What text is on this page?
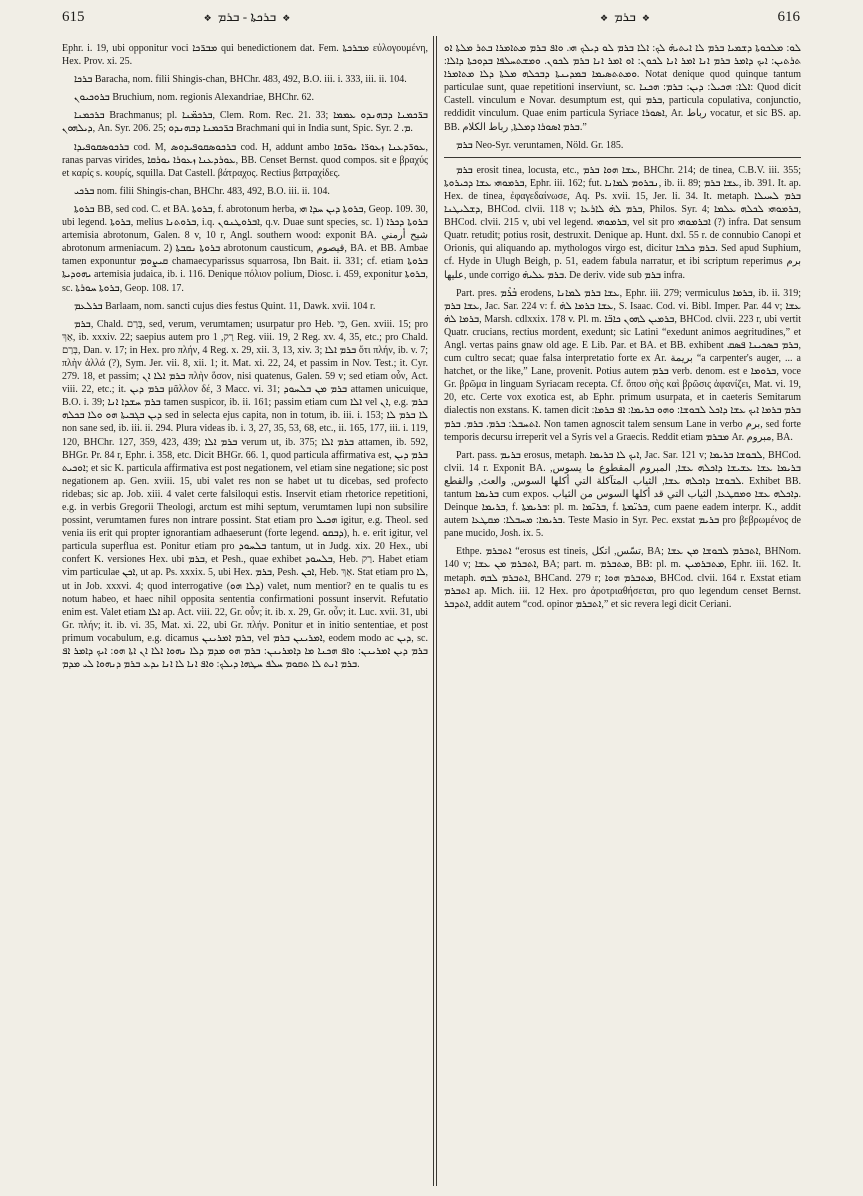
615	❖ ܒܪܟܬܐ - ܒܪܡ ❖	❖ ܒܪܡ ❖	616

Ephr. i. 19, ubi opponitur voci ܡܒܪ̈ܟܐ qui benedictionem dat. Fem. ܡܒܪܟܬܐ εὐλογουμένη, Hex. Prov. xi. 25.

ܒܪܟܐ Baracha, nom. filii Shingis-chan, BHChr. 483, 492, B.O. iii. i. 333, iii. ii. 104.

ܒܪܘܟܝܘܢ Bruchium, nom. regionis Alexandriae, BHChr. 62.

ܒܪܟܡܢܐ Brachmanus; pl. ܒܪܟܡ̈ܢܐ, Clem. Rom. Rec. 21. 33; ܒܪ̈ܟܡܢܐ ܕܒܗܢܕܘ ܥܡܡܐ ܕܝܠܗܘܢ, An. Syr. 206. 25; ܒܪ̈ܟܡܢܐ ܕܒܗܢܕܘ Brachmani qui in India sunt, Spic. Syr. ܡ. 2.

ܒܪܟܘܣܩܘܦܝܕܐ cod. M, ܒܪܟܘܣܩܘܦܝܕܘܣ cod. H, addunt ambo ܥܘܪ̈ܕܥܢܐ ܙܥܘܪ̈ܐ ܝܘܪ̈ܩܐ, ranas parvas virides, ܥܘܪܕܥܢܐ ܙܥܘܪܐ ܝܘܪܩܐ, BB. Censet Bernst. quod compos. sit e βραχύς et καρίς s. κουρίς, squilla. Dat Castell. βάτραχος. Rectius βατραχίδες.

ܒܪܟܝ nom. filii Shingis-chan, BHChr. 483, 492, B.O. iii. ii. 104.

ܒܪܘܬܐ BB, sed cod. C. et BA. ܒܪܘܬܐ, f. abrotonum herba, ܒܪܘܬܐ ܕܝܢ ܚܕܐ ܗܝ, Geop. 109. 30, ubi legend. ܒܪܘܬܐ, melius ܒܪܘܬܢܐ, i.q. ܐܒܪܘܛܢܘܢ, q.v. Duae sunt species, sc. 1) ܒܪܘܬܐ ܕܟܪܐ artemisia abrotonum, Galen. 8 v, 10 r, Angl. southern wood: exponit BA. شيح أرمني abrotonum armeniacum. 2) ܒܪܘܬܐ ܢܩܒܬܐ abrotonum causticum, قيصوم, BA. et BB. Ambae tamen exponuntur ܩܝܨܘܡ chamaecyparissus squarrosa, Ibn Bait. ii. 331; cf. etiam ܒܪܘܬܐ ܝܗܘܕܝܬܐ artemisia judaica, ib. i. 116. Denique πόλιον polium, Diosc. i. 459, exponitur ܒܪܘܬܐ, sc. ܒܪܘܬܐ ܚܘܪܬܐ, Geop. 108. 17.

ܒܪܠܥܡ Barlaam, nom. sancti cujus dies festus Quint. 11, Dawk. xvii. 104 r.

ܒܪܡ, Chald. בְּרַם, sed, verum, verumtamen; usurpatur pro Heb. כִּי, Gen. xviii. 15; pro אַךְ, ib. xxxiv. 22; saepius autem pro רַק, 1 Reg. viii. 19, 2 Reg. xv. 4, 35, etc.; pro Chald. בְּרַם, Dan. v. 17; in Hex. pro πλήν, 4 Reg. x. 29, xii. 3, 13, xiv. 3; ܒܪܡ ܐܠܐ ὅτι πλήν, ib. v. 7; πλὴν ἀλλά (?), Sym. Jer. vii. 8, xii. 1; it. Mat. xi. 22, 24, et passim in Nov. Test.; it. Cyr. 279. 18, et passim; ܒܪܡ ܐܠܐ ܐܢ πλὴν ὅσον, nisi quatenus, Galen. 59 v; sed etiam οὖν, Act. viii. 22, etc.; it. ܒܪܡ ܕܝܢ μᾶλλον δέ, 3 Macc. vi. 31; ܒܪܡ ܡܢ ܒܠܚܘܕ attamen unicuique, B.O. i. 39; ܒܪܡ ܚܫܕܐ ܐܢܐ tamen suspicor, ib. ii. 161; passim etiam cum ܐܠܐ vel ܐܢ, e.g. ܒܪܡ ܕܝܢ ܒܓܒܝܬܐ ܗܘ ܘܠܐ ܒܟܠܗ sed in selecta ejus capita, non in totum, ib. iii. i. 153; ܠܐ ܒܪܡ ܠܐ non sane sed, ib. iii. ii. 294. Plura videas ib. i. 3, 27, 35, 53, 68, etc., ii. 165, 177, iii. i. 119, 120, BHChr. 127, 359, 423, 439; ܒܪܡ ܐܠܐ verum ut, ib. 375; ܒܪܡ ܐܠܐ attamen, ib. 592, BHGr. Pr. 84 r, Ephr. i. 358, etc. Dicit BHGr. 66. 1, quod particula affirmativa est, ܒܪܡ ܕܝܢ ܐܘܟܝܬ; et sic K. particula affirmativa est post negationem, vel etiam sine negatione; sic post negationem ap. Gen. xviii. 15, ubi valet res non se habet ut tu dicebas, sed profecto ridebas; sic ap. Job. xiii. 4 valet certe falsiloqui estis. Inservit etiam rhetorice repetitioni, e.g. in verbis Gregorii Theologi, arctum est mihi septum, verumtamen lupi non subsilire possint, verumtamen fures non intrare possint. Stat etiam pro ܗܟܝܠ igitur, e.g. Theol. sed venia iis erit qui propter ignorantiam adhaeserunt (forte legend. ܕܒܩܘ), h. e. erit igitur, vel particula superflua est. Ponitur etiam pro ܒܠܚܘܕ tantum, ut in Judg. xix. 20 Hex., ubi confert K. versiones Hex. ubi ܒܪܡ, et Pesh., quae exhibet ܒܠܚܘܕ, Heb. רַק. Habet etiam vim particulae ܐܟܢ, ut ap. Ps. xxxix. 5, ubi Hex. ܒܪܡ, Pesh. ܐܟܢ, Heb. אַךְ. Stat etiam pro ܠܐ, ut in Job. xxxvi. 4; quod interrogative (ܕܠܐ ܗܘ) valet, num mentior? en te qualis tu es notum habeo, et haec nihil opposita sententia confirmationi possunt inservit. Refutatio enim est. Valet etiam ܐܠܐ ap. Act. viii. 22, Gr. οὖν; it. ib. x. 29, Gr. οὖν; it. Luc. xvii. 31, ubi Gr. πλήν; it. ib. vi. 35, Mat. xi. 22, ubi Gr. πλήν. Ponitur et in initio sententiae, et post primum vocabulum, e.g. dicamus ܒܪܡ ܐܡܪܝܢܢ, vel ܐܡܪܝܢܢ ܒܪܡ, eodem modo ac ܕܝܢ, sc. ܒܪܡ ܕܝܢ ܐܡܪܝܢܢ: ܘܐܦ ܗܟܢܐ ܡܐ ܕܐܡܪܝܢܢ: ܒܪܡ ܗܘ ܡܕܡ ܕܠܐ ܢܗܘܐ ܐܠܐ ܐܢ ܐܬܐ ܗܘ: ܐܝܟ ܕܐܡܪ ܐܦ ܒܪܡ ܐܢܬ ܠܐ ܬܩܘܡ ܚܠܦ ܚܛܗܐ ܕܝܠܟ: ܘܐܦ ܐܢܐ ܠܐ ܐܢܐ ܝܕܥ ܒܪܡ ܕܢܗܘܐ ܠܝ ܡܕܡ.

ܠܘ: ܡܠܟܘܬܐ ܕܫܡܝܐ ܒܪܡ ܠܐ ܐܝܬܝܗ̇ ܠܟ: ܐܠܐ ܒܪܡ ܠܘ ܕܝܠܟ ܗܝ. ܘܐܦ ܒܪܡ ܡܬܐܡܪܐ ܒܬܪ ܡܠܬܐ ܐܘ ܬܪܬܝܢ: ܐܝܟ ܕܐܡܪ ܒܪܡ ܐܢܐ ܐܡܪ ܐܢܐ ܠܟܘܢ: ܐܘ ܐܡܪ ܐܢܐ ܒܪܡ ܠܟܘܢ. ܘܡܫܬܚܠܦܐ ܒܕܘܟܬܐ ܕܐܠܐ: ܘܡܬܬܣܝܡܐ ܒܡܕܝܢܬܐ ܕܒܟܠܗ ܡܠܬܐ ܕܠܐ ܡܬܐܡܪܐ. Notat denique quod quinque tantum particulae sunt, quae repetitioni inserviunt, sc. ܐܠܐ: ܗܟܝܠ: ܕܝܢ: ܒܪܡ: ܗܟܢܐ: Quod dicit Castell. vinculum e Novar. desumptum est, qui ܒܪܡ, particula copulativa, conjunctio, reddidit vinculum. Quae enim particula Syriace ܐܣܘܪܐ, Ar. رباط vocatur, et sic BS. ap. BB. ܒܪܡ ܐܣܘܪܐ ܕܡܠܬܐ, رباط الكلام.”

ܒܪܡ Neo-Syr. veruntamen, Nöld. Gr. 185.

ܒܪܡ erosit tinea, locusta, etc., ܥܫܐ ܗܘܐ ܒܪܡ, BHChr. 214; de tinea, C.B.V. iii. 355; ܒܪܡܘܗܝ ܥܫܐ ܕܟܝܪܘܬܐ, Ephr. iii. 162; fut. ܢܒܪܘܡ ܠܡܐܢܐ, ib. ii. 89; ܥܫܐ ܒܪܡ, ib. 391. It. ap. Hex. de tinea, ἐφαγεδαίνωσε, Aq. Ps. xvii. 15, Jer. li. 34. It. metaph. ܒܪܡ ܠܚܝܠܐ ܕܫܠܝܛܢܐ, BHCod. clvii. 118 v; ܒܪܡ ܠܗ̇ ܠܐܪܥܐ, Philos. Syr. 4; ܒܪܡܘܗܝ ܠܟܠܗ ܥܠܡܐ, BHCod. clvii. 215 v, ubi vel legend. ܒܪܡܘܗܝ, vel sit pro ܐܒܪܡܘܗܝ (?) infra. Dat sensum Quatr. retudit; potius rosit, destruxit. Denique ap. Hunt. dxl. 55 r. de connubio Canopi et Orionis, qui aliquando ap. mythologos virgo est, dicitur ܒܪܡ ܟܠܒܐ. Sed apud Suphium, cf. Hyde in Ulugh Beigh, p. 51, eadem fabula narratur, et ibi scriptum reperimus برم عليها, unde corrigo ܒܪܡ ܥܠܝܗ̇. De deriv. vide sub ܒܪܡ infra.

Part. pres. ܒܳܪܶܡ erodens, ܥܫܐ ܒܪܡ ܠܡܐܢܐ, Ephr. iii. 279; vermiculus ܒܪܡܐ, ib. ii. 319; ܥܫܐ ܒܪܡ, Jac. Sar. 224 v: f. ܥܫܐ ܒܪܡܐ ܠܗ̇, S. Isaac. Cod. vi. Bibl. Imper. Par. 44 v; ܥܫܐ ܒܪܡܐ ܠܗ̇, Marsh. cdlxxix. 178 v. Pl. m. ܒܪܡܝܢ ܠܗܘܢ ܟܐܒ̈ܐ, BHCod. clvii. 223 r, ubi vertit Quatr. crucians, rectius mordent, exedunt; sic Latini “exedunt animos aegritudines,” et Angl. vertas pains gnaw old age. E Lib. Par. et BA. et BB. exhibent ܒܪܡ ܒܣܟܝܢܐ ܦܣܩ, cum cultro secat; quae falsa interpretatio forte ex Ar. بريمة “a carpenter's auger, ... a hatchet, or the like,” Lane, provenit. Potius autem ܒܪܡ verb. denom. est e ܒܪܘܡܐ, voce Gr. βρῶμα in linguam Syriacam recepta. Cf. ὅπου σὴς καὶ βρῶσις ἀφανίζει, Mat. vi. 19, 20, etc. Certe vox exotica est, ab Ephr. primum usurpata, et in caeteris Semitarum dialectis non exstans. K. tamen dicit ܒܪܡ ܒܪܡܐ ܐܝܟ ܥܫܐ ܕܐܟܠ ܠܒܘܫܐ: ܘܗܘ ܒܪܝܡܐ: ܐܦ ܒܪܡܐ: ܐܬܚܒܠ: ܒܪܡ. ܒܪܡ. ܒܪܡ. Non tamen agnoscit talem sensum Lane in verbo برم, sed forte temporis decursu irreperit vel a Syris vel a Graecis. Reddit etiam ܡܒܪܡ Ar. مبروم, BA.

Part. pass. ܒܪܝܡ erosus, metaph. ܐܝܟ ܠܐ ܒܪܝܡܐ, Jac. Sar. 121 v; ܠܒܘܫܐ ܒܪܝܡܐ, BHCod. clvii. 14 r. Exponit BA. ܒܪܝܡܐ ܥܫܐ ܥܫܝܫܐ ܕܐܟܠܗ ܥܫܐ, المبروم المقطوع ما يسوس, ܠܒܘܫܐ ܕܐܟܠܗ ܥܫܐ, الثياب المتآكلة التي أكلها السوس, والعث, والقطع. Exhibet BB. tantum ܒܪܝܡܐ cum expos. ܕܐܟܠܗ ܥܫܐ ܘܡܩܛܥܐ, الثياب التي قد أكلها السوس من الثياب. Deinque ܒܪܝܡܐ, f. ܒܪܝܡܬܐ: pl. m. ܒܪܝ̈ܡܐ, f. ܒܪܝ̈ܡܬܐ, cum paene eadem interpr. K., addit autem ܒܪܝܡܐ: ܡܚܒܠܐ: ܡܩܛܥܐ. Teste Masio in Syr. Pec. exstat ܒܪܝܡ pro βεβρωμένος de pane mucido, Josh. ix. 5.

Ethpe. ܐܬܒܪܡ “erosus est tineis, تسّس, اتكل, BA; ܐܬܒܪܡ ܠܒܘܫܐ ܡܢ ܥܫܐ, BHNom. 140 v; ܐܬܒܪܡ ܡܢ ܥܫܐ, BA; part. m. ܡܬܒܪܡ, BB: pl. m. ܡܬܒܪܡܝܢ, Ephr. iii. 162. It. metaph. ܐܬܒܪܡ ܠܒܗ, BHCand. 279 r; ܡܬܒܪܡ ܗܘܐ, BHCod. clvii. 164 r. Exstat etiam ܐܬܒܪܡ ap. Mich. iii. 12 Hex. pro ἀροτριαθήσεται, pro quo legendum censet Bernst. ܐܬܕܒܪ, addit autem “cod. opinor ܐܬܒܪܡ,” et sic revera legi dicit Ceriani.
